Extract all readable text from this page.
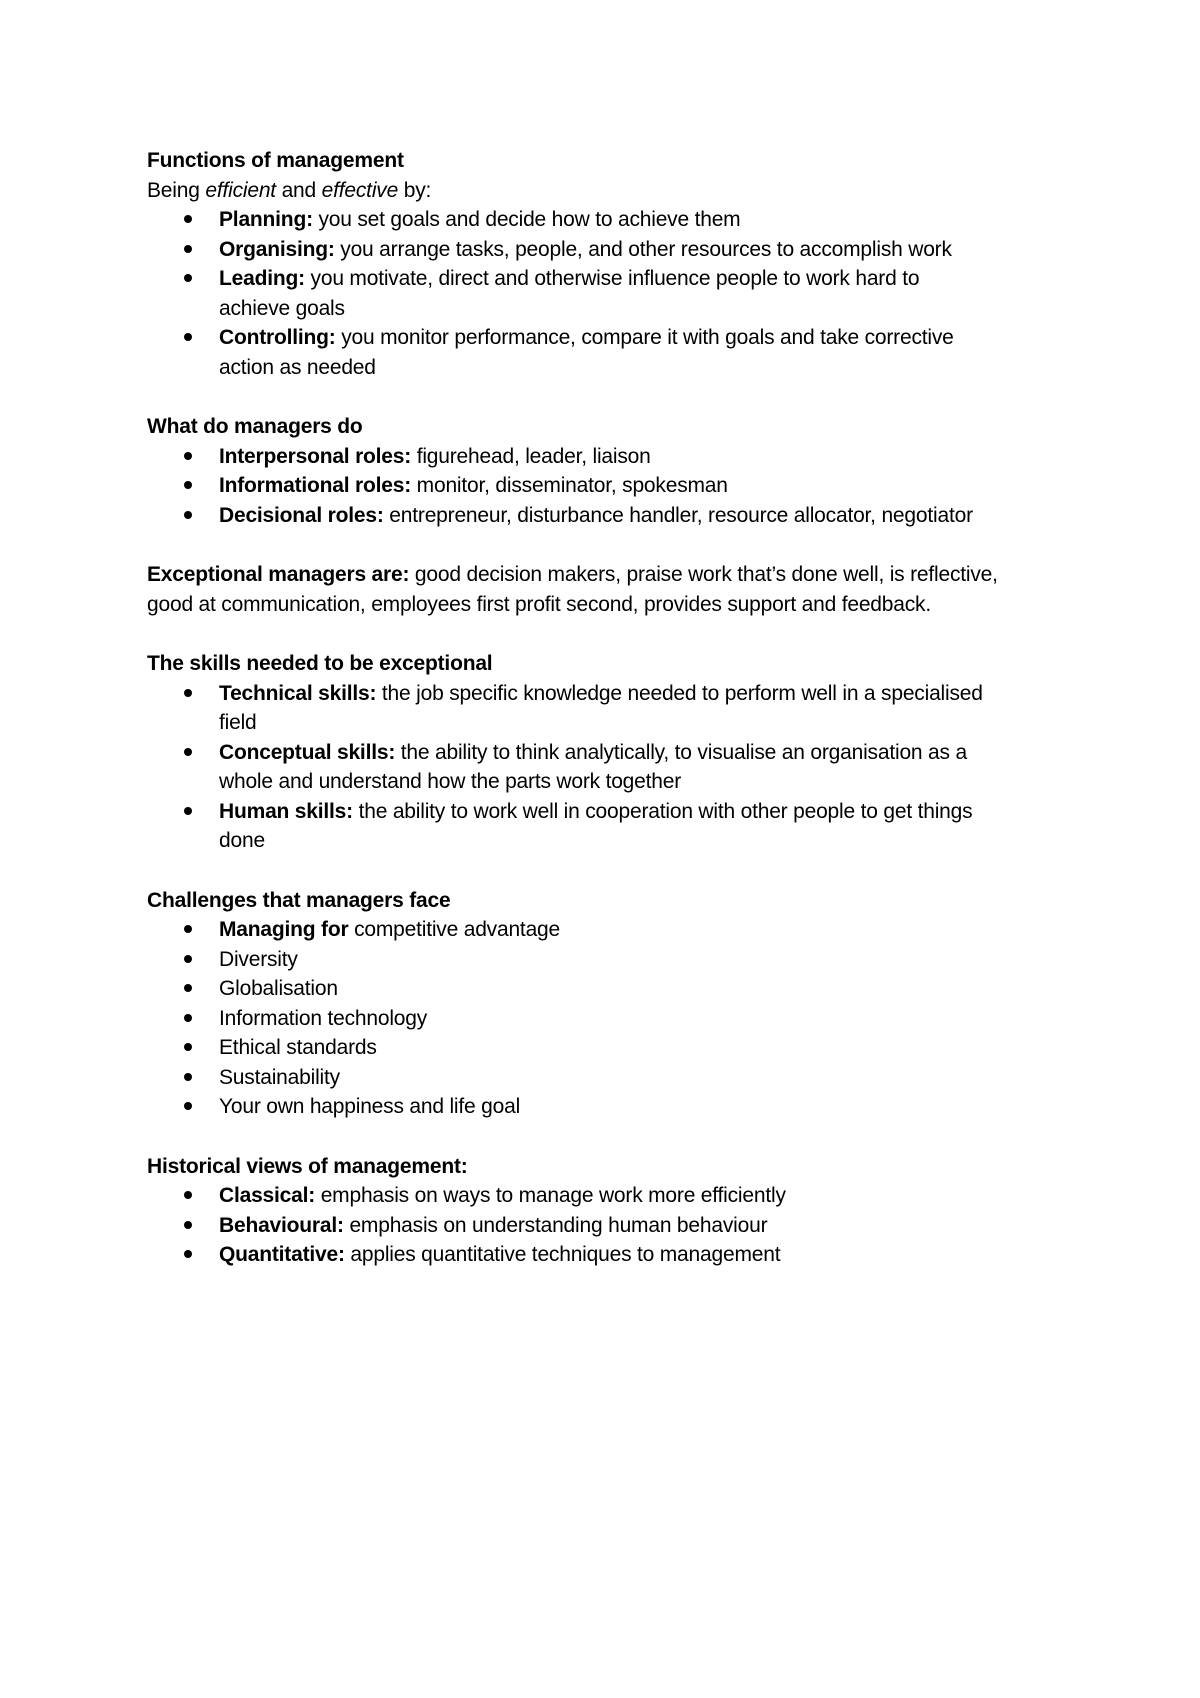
Functions of management

Being efficient and effective by:

Planning: you set goals and decide how to achieve them
Organising: you arrange tasks, people, and other resources to accomplish work
Leading: you motivate, direct and otherwise influence people to work hard to
achieve goals
Controlling: you monitor performance, compare it with goals and take corrective
action as needed

What do managers do

Interpersonal roles: figurehead, leader, liaison
Informational roles: monitor, disseminator, spokesman
Decisional roles: entrepreneur, disturbance handler, resource allocator, negotiator

Exceptional managers are: good decision makers, praise work that’s done well, is reflective,
good at communication, employees first profit second, provides support and feedback.

The skills needed to be exceptional

Technical skills: the job specific knowledge needed to perform well in a specialised
field
Conceptual skills: the ability to think analytically, to visualise an organisation as a
whole and understand how the parts work together
Human skills: the ability to work well in cooperation with other people to get things
done

Challenges that managers face

Managing for competitive advantage
Diversity
Globalisation
Information technology
Ethical standards
Sustainability
Your own happiness and life goal

Historical views of management:

Classical: emphasis on ways to manage work more efficiently
Behavioural: emphasis on understanding human behaviour
Quantitative: applies quantitative techniques to management
